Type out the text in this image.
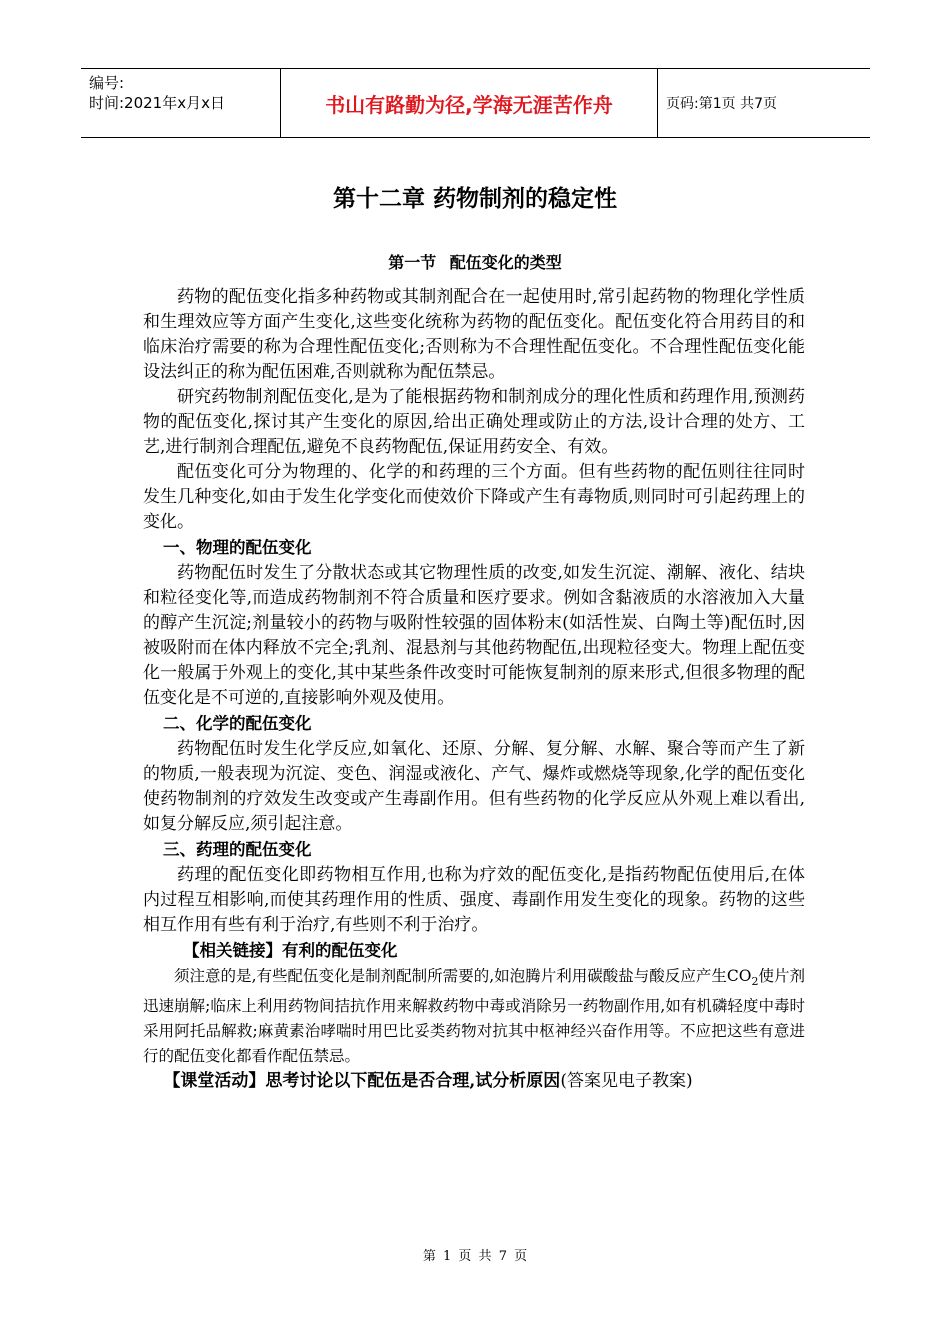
编号:
时间:2021年x月x日	书山有路勤为径,学海无涯苦作舟	页码:第1页 共7页
第十二章 药物制剂的稳定性
第一节 配伍变化的类型

药物的配伍变化指多种药物或其制剂配合在一起使用时,常引起药物的物理化学性质和生理效应等方面产生变化,这些变化统称为药物的配伍变化。配伍变化符合用药目的和临床治疗需要的称为合理性配伍变化;否则称为不合理性配伍变化。不合理性配伍变化能设法纠正的称为配伍困难,否则就称为配伍禁忌。

研究药物制剂配伍变化,是为了能根据药物和制剂成分的理化性质和药理作用,预测药物的配伍变化,探讨其产生变化的原因,给出正确处理或防止的方法,设计合理的处方、工艺,进行制剂合理配伍,避免不良药物配伍,保证用药安全、有效。

配伍变化可分为物理的、化学的和药理的三个方面。但有些药物的配伍则往往同时发生几种变化,如由于发生化学变化而使效价下降或产生有毒物质,则同时可引起药理上的变化。

一、物理的配伍变化

药物配伍时发生了分散状态或其它物理性质的改变,如发生沉淀、潮解、液化、结块和粒径变化等,而造成药物制剂不符合质量和医疗要求。例如含黏液质的水溶液加入大量的醇产生沉淀;剂量较小的药物与吸附性较强的固体粉末(如活性炭、白陶土等)配伍时,因被吸附而在体内释放不完全;乳剂、混悬剂与其他药物配伍,出现粒径变大。物理上配伍变化一般属于外观上的变化,其中某些条件改变时可能恢复制剂的原来形式,但很多物理的配伍变化是不可逆的,直接影响外观及使用。

二、化学的配伍变化

药物配伍时发生化学反应,如氧化、还原、分解、复分解、水解、聚合等而产生了新的物质,一般表现为沉淀、变色、润湿或液化、产气、爆炸或燃烧等现象,化学的配伍变化使药物制剂的疗效发生改变或产生毒副作用。但有些药物的化学反应从外观上难以看出,如复分解反应,须引起注意。

三、药理的配伍变化

药理的配伍变化即药物相互作用,也称为疗效的配伍变化,是指药物配伍使用后,在体内过程互相影响,而使其药理作用的性质、强度、毒副作用发生变化的现象。药物的这些相互作用有些有利于治疗,有些则不利于治疗。

【相关链接】有利的配伍变化

须注意的是,有些配伍变化是制剂配制所需要的,如泡腾片利用碳酸盐与酸反应产生$CO_2$使片剂迅速崩解;临床上利用药物间拮抗作用来解救药物中毒或消除另一药物副作用,如有机磷轻度中毒时采用阿托品解救;麻黄素治哮喘时用巴比妥类药物对抗其中枢神经兴奋作用等。不应把这些有意进行的配伍变化都看作配伍禁忌。

【课堂活动】思考讨论以下配伍是否合理,试分析原因(答案见电子教案)

第 1 页 共 7 页
